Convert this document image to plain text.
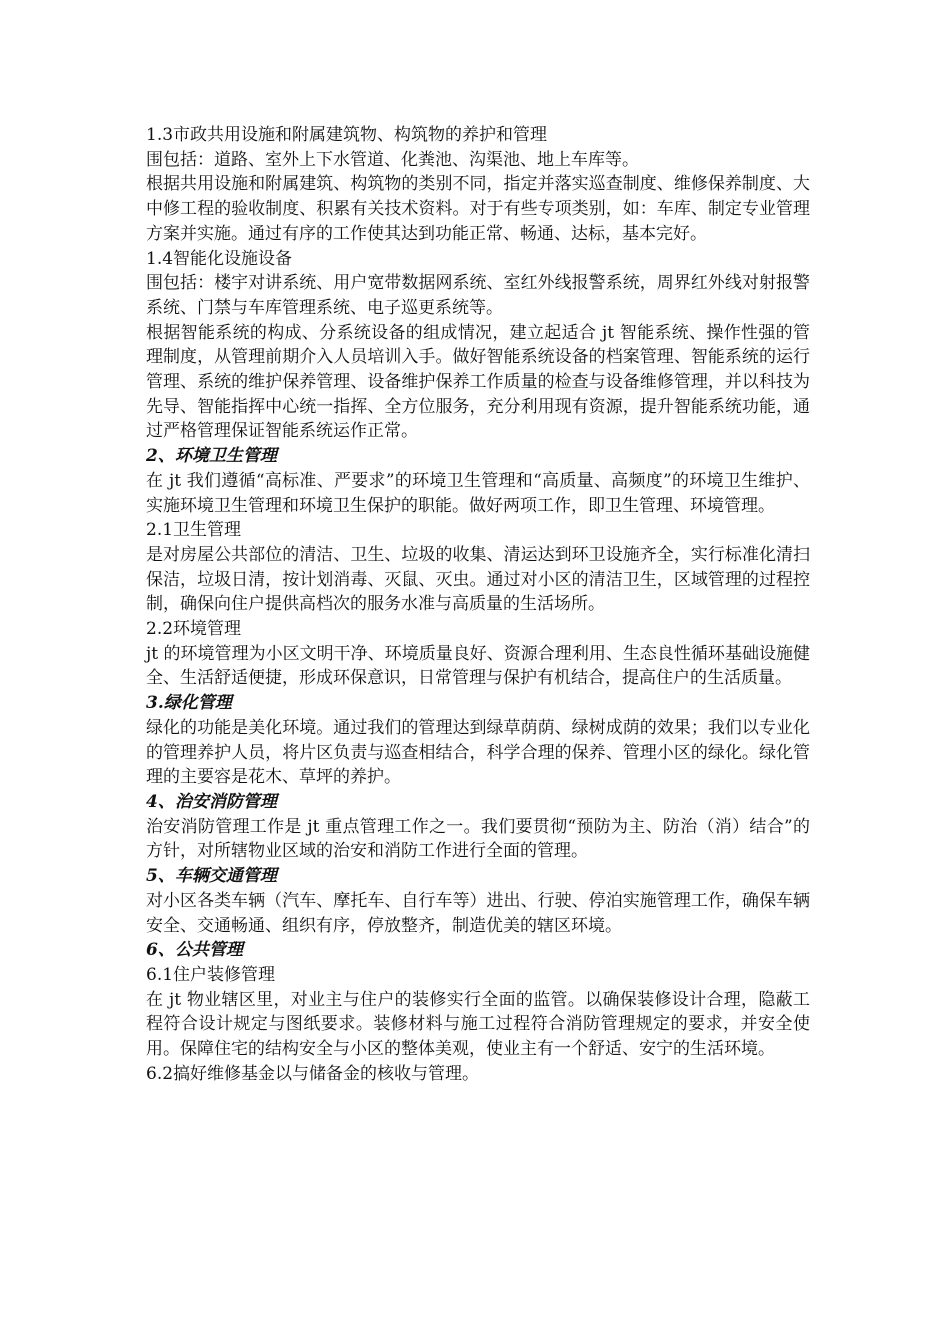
1.3市政共用设施和附属建筑物、构筑物的养护和管理

围包括：道路、室外上下水管道、化粪池、沟渠池、地上车库等。

根据共用设施和附属建筑、构筑物的类别不同，指定并落实巡查制度、维修保养制度、大中修工程的验收制度、积累有关技术资料。对于有些专项类别，如：车库、制定专业管理方案并实施。通过有序的工作使其达到功能正常、畅通、达标，基本完好。

1.4智能化设施设备

围包括：楼宇对讲系统、用户宽带数据网系统、室红外线报警系统，周界红外线对射报警系统、门禁与车库管理系统、电子巡更系统等。

根据智能系统的构成、分系统设备的组成情况，建立起适合 jt 智能系统、操作性强的管理制度，从管理前期介入人员培训入手。做好智能系统设备的档案管理、智能系统的运行管理、系统的维护保养管理、设备维护保养工作质量的检查与设备维修管理，并以科技为先导、智能指挥中心统一指挥、全方位服务，充分利用现有资源，提升智能系统功能，通过严格管理保证智能系统运作正常。

2、环境卫生管理

在 jt 我们遵循“高标准、严要求”的环境卫生管理和“高质量、高频度”的环境卫生维护、实施环境卫生管理和环境卫生保护的职能。做好两项工作，即卫生管理、环境管理。

2.1卫生管理

是对房屋公共部位的清洁、卫生、垃圾的收集、清运达到环卫设施齐全，实行标准化清扫保洁，垃圾日清，按计划消毒、灭鼠、灭虫。通过对小区的清洁卫生，区域管理的过程控制，确保向住户提供高档次的服务水准与高质量的生活场所。

2.2环境管理

jt 的环境管理为小区文明干净、环境质量良好、资源合理利用、生态良性循环基础设施健全、生活舒适便捷，形成环保意识，日常管理与保护有机结合，提高住户的生活质量。

3.绿化管理

绿化的功能是美化环境。通过我们的管理达到绿草荫荫、绿树成荫的效果；我们以专业化的管理养护人员，将片区负责与巡查相结合，科学合理的保养、管理小区的绿化。绿化管理的主要容是花木、草坪的养护。

4、治安消防管理

治安消防管理工作是 jt 重点管理工作之一。我们要贯彻“预防为主、防治（消）结合”的方针，对所辖物业区域的治安和消防工作进行全面的管理。

5、车辆交通管理

对小区各类车辆（汽车、摩托车、自行车等）进出、行驶、停泊实施管理工作，确保车辆安全、交通畅通、组织有序，停放整齐，制造优美的辖区环境。

6、公共管理

6.1住户装修管理

在 jt 物业辖区里，对业主与住户的装修实行全面的监管。以确保装修设计合理，隐蔽工程符合设计规定与图纸要求。装修材料与施工过程符合消防管理规定的要求，并安全使用。保障住宅的结构安全与小区的整体美观，使业主有一个舒适、安宁的生活环境。

6.2搞好维修基金以与储备金的核收与管理。
